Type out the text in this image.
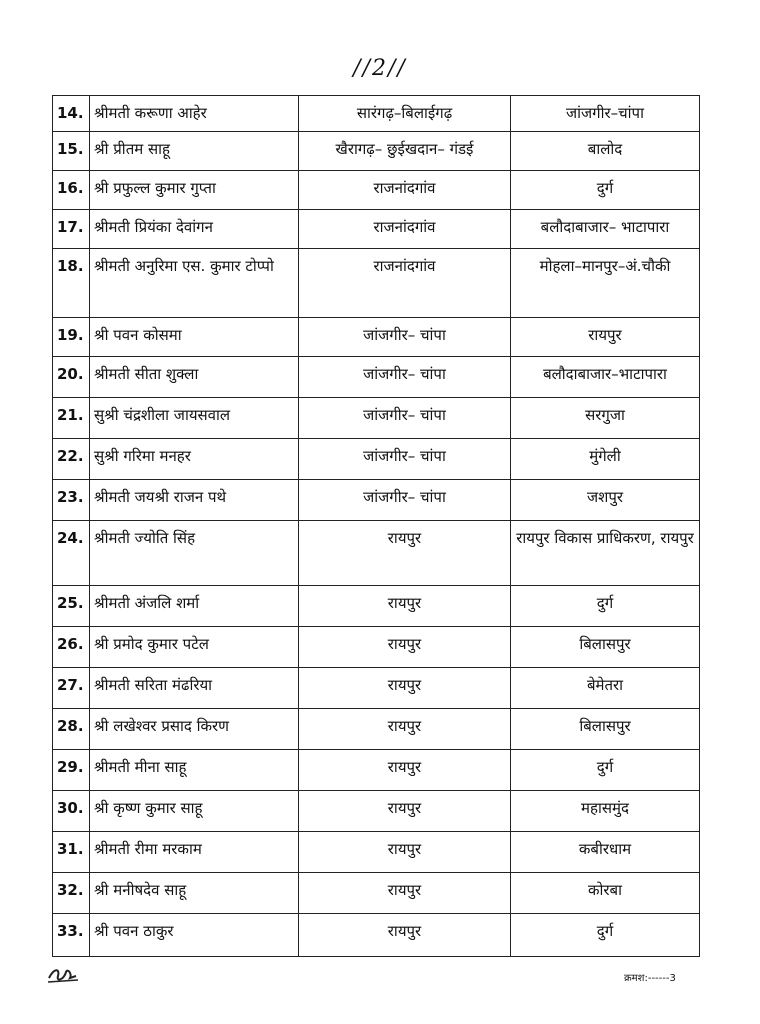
//2//
14.	श्रीमती करूणा आहेर	सारंगढ़–बिलाईगढ़	जांजगीर–चांपा
15.	श्री प्रीतम साहू	खैरागढ़– छुईखदान– गंडई	बालोद
16.	श्री प्रफुल्ल कुमार गुप्ता	राजनांदगांव	दुर्ग
17.	श्रीमती प्रियंका देवांगन	राजनांदगांव	बलौदाबाजार– भाटापारा
18.	श्रीमती अनुरिमा एस. कुमार टोप्पो	राजनांदगांव	मोहला–मानपुर–अं.चौकी
19.	श्री पवन कोसमा	जांजगीर– चांपा	रायपुर
20.	श्रीमती सीता शुक्ला	जांजगीर– चांपा	बलौदाबाजार–भाटापारा
21.	सुश्री चंद्रशीला जायसवाल	जांजगीर– चांपा	सरगुजा
22.	सुश्री गरिमा मनहर	जांजगीर– चांपा	मुंगेली
23.	श्रीमती जयश्री राजन पथे	जांजगीर– चांपा	जशपुर
24.	श्रीमती ज्योति सिंह	रायपुर	रायपुर विकास प्राधिकरण, रायपुर
25.	श्रीमती अंजलि शर्मा	रायपुर	दुर्ग
26.	श्री प्रमोद कुमार पटेल	रायपुर	बिलासपुर
27.	श्रीमती सरिता मंढरिया	रायपुर	बेमेतरा
28.	श्री लखेश्वर प्रसाद किरण	रायपुर	बिलासपुर
29.	श्रीमती मीना साहू	रायपुर	दुर्ग
30.	श्री कृष्ण कुमार साहू	रायपुर	महासमुंद
31.	श्रीमती रीमा मरकाम	रायपुर	कबीरधाम
32.	श्री मनीषदेव साहू	रायपुर	कोरबा
33.	श्री पवन ठाकुर	रायपुर	दुर्ग
क्रमश:------3
